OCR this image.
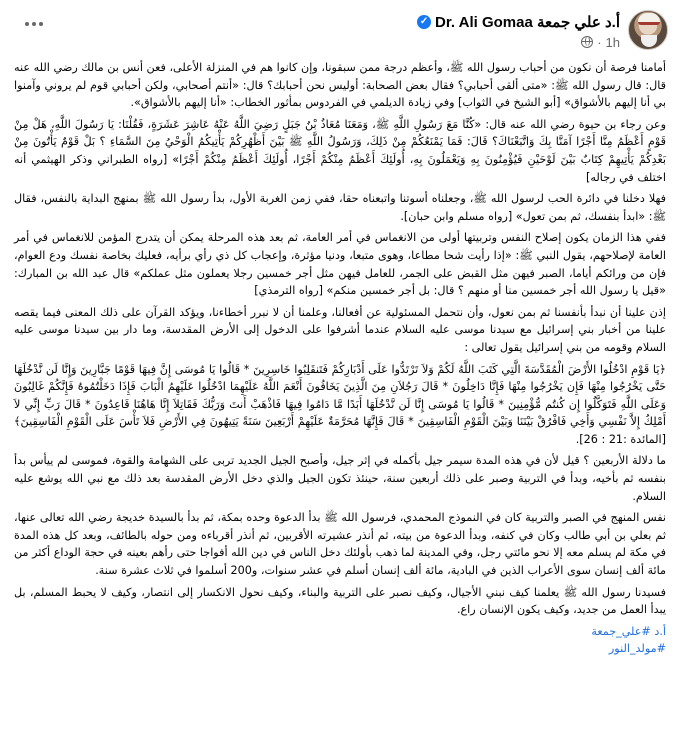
Dr. Ali Gomaa أ.د علي جمعة
✓
1h
·

أمامنا فرصة أن نكون من أحباب رسول الله ﷺ، وأعظم درجة ممن سبقونا، وإن كانوا هم في المنزلة الأعلى، فعن أنس بن مالك رضي الله عنه قال: قال رسول الله ﷺ: «متى ألقى أحبابي؟ فقال بعض الصحابة: أوليس نحن أحبابك؟ قال: «أنتم أصحابي، ولكن أحبابي قوم لم يروني وآمنوا بي أنا إليهم بالأشواق» [أبو الشيخ في الثواب] وفي زيادة الديلمي في الفردوس بمأثور الخطاب: «أنا إليهم بالأشواق».

وعن رجاء بن حيوة رضي الله عنه قال: «كُنَّا مَعَ رَسُولِ اللَّهِ ﷺ، وَمَعَنَا مُعَاذُ بْنُ جَبَلٍ رَضِيَ اللَّهُ عَنْهُ عَاشِرَ عَشَرَةٍ، فَقُلْنَا: يَا رَسُولَ اللَّهِ، هَلْ مِنْ قَوْمٍ أَعْظَمُ مِنَّا أَجْرًا آمَنَّا بِكَ وَاتَّبَعْنَاكَ؟ قَالَ: فَمَا يَمْنَعُكُمْ مِنْ ذَلِكَ، وَرَسُولُ اللَّهِ ﷺ بَيْنَ أَظْهُرِكُمْ يَأْتِيكُمُ الْوَحْيُ مِنَ السَّمَاءِ ؟ بَلْ قَوْمٌ يَأْتُونَ مِنْ بَعْدِكُمْ يَأْتِيهِمْ كِتَابٌ بَيْنَ لَوْحَيْنِ فَيُؤْمِنُونَ بِهِ وَيَعْمَلُونَ بِهِ، أُولَئِكَ أَعْظَمُ مِنْكُمْ أَجْرًا، أُولَئِكَ أَعْظَمُ مِنْكُمْ أَجْرًا» [رواه الطبراني وذكر الهيثمي أنه اختلف في رجاله]

فهلا دخلنا في دائرة الحب لرسول الله ﷺ، وجعلناه أسوتنا واتبعناه حقا، ففي زمن الغربة الأول، بدأ رسول الله ﷺ بمنهج البداية بالنفس، فقال ﷺ: «ابدأ بنفسك، ثم بمن تعول» [رواه مسلم وابن حبان].

ففي هذا الزمان يكون إصلاح النفس وتربيتها أولى من الانغماس في أمر العامة، ثم بعد هذه المرحلة يمكن أن يتدرج المؤمن للانغماس في أمر العامة لإصلاحهم، يقول النبي ﷺ: «إذا رأيت شحا مطاعا، وهوى متبعا، ودنيا مؤثرة، وإعجاب كل ذي رأي برأيه، فعليك بخاصة نفسك ودع العوام، فإن من ورائكم أياما، الصبر فيهن مثل القبض على الجمر، للعامل فيهن مثل أجر خمسين رجلا يعملون مثل عملكم» قال عبد الله بن المبارك: «قيل يا رسول الله أجر خمسين منا أو منهم ؟ قال: بل أجر خمسين منكم» [رواه الترمذي]

إذن علينا أن نبدأ بأنفسنا ثم بمن نعول، وأن نتحمل المسئولية عن أفعالنا، وعلمنا أن لا نبرر أخطاءنا، ويؤكد القرآن على ذلك المعنى فيما يقصه علينا من أخبار بني إسرائيل مع سيدنا موسى عليه السلام عندما أشرفوا على الدخول إلى الأرض المقدسة، وما دار بين سيدنا موسى عليه السلام وقومه من بني إسرائيل يقول تعالى :

﴿يَا قَوْمِ ادْخُلُوا الأَرْضَ الْمُقَدَّسَةَ الَّتِي كَتَبَ اللَّهُ لَكُمْ وَلاَ تَرْتَدُّوا عَلَى أَدْبَارِكُمْ فَتَنقَلِبُوا خَاسِرِينَ * قَالُوا يَا مُوسَى إِنَّ فِيهَا قَوْمًا جَبَّارِينَ وَإِنَّا لَن نَّدْخُلَهَا حَتَّى يَخْرُجُوا مِنْهَا فَإِن يَخْرُجُوا مِنْهَا فَإِنَّا دَاخِلُونَ * قَالَ رَجُلاَنِ مِنَ الَّذِينَ يَخَافُونَ أَنْعَمَ اللَّهُ عَلَيْهِمَا ادْخُلُوا عَلَيْهِمُ الْبَابَ فَإِذَا دَخَلْتُمُوهُ فَإِنَّكُمْ غَالِبُونَ وَعَلَى اللَّهِ فَتَوَكَّلُوا إِن كُنتُم مُّؤْمِنِينَ * قَالُوا يَا مُوسَى إِنَّا لَن نَّدْخُلَهَا أَبَدًا مَّا دَامُوا فِيهَا فَاذْهَبْ أَنتَ وَرَبُّكَ فَقَاتِلاَ إِنَّا هَاهُنَا قَاعِدُونَ * قَالَ رَبِّ إِنِّي لاَ أَمْلِكُ إِلاَّ نَفْسِي وَأَخِي فَافْرُقْ بَيْنَنَا وَبَيْنَ الْقَوْمِ الْفَاسِقِينَ * قَالَ فَإِنَّهَا مُحَرَّمَةٌ عَلَيْهِمْ أَرْبَعِينَ سَنَةً يَتِيهُونَ فِي الأَرْضِ فَلاَ تَأْسَ عَلَى الْقَوْمِ الْفَاسِقِينَ﴾ [المائدة :21 : 26].

ما دلالة الأربعين ؟ قيل لأن في هذه المدة سيمر جيل بأكمله في إثر جيل، وأصبح الجيل الجديد تربى على الشهامة والقوة، فموسى لم ييأس بدأ بنفسه ثم بأخيه، وبدأ في التربية وصبر على ذلك أربعين سنة، حينئذ تكون الجيل والذي دخل الأرض المقدسة بعد ذلك مع نبي الله يوشع عليه السلام.

نفس المنهج في الصبر والتربية كان في النموذج المحمدي، فرسول الله ﷺ بدأ الدعوة وحده بمكة، ثم بدأ بالسيدة خديجة رضي الله تعالى عنها، ثم بعلي بن أبي طالب وكان في كنفه، وبدأ الدعوة من بيته، ثم أنذر عشيرته الأقربين، ثم أنذر أقرباءه ومن حوله بالطائف، وبعد كل هذه المدة في مكة لم يسلم معه إلا نحو مائتي رجل، وفي المدينة لما ذهب بأولئك دخل الناس في دين الله أفواجا حتى رأهم بعينه في حجة الوداع أكثر من مائة ألف إنسان سوى الأعراب الذين في البادية، مائة ألف إنسان أسلم في عشر سنوات، و200 أسلموا في ثلاث عشرة سنة.

فسيدنا رسول الله ﷺ يعلمنا كيف نبني الأجيال، وكيف نصبر على التربية والبناء، وكيف نحول الانكسار إلى انتصار، وكيف لا يحبط المسلم، بل يبدأ العمل من جديد، وكيف يكون الإنسان راع.

أ.د #علي_جمعة
#مولد_النور
